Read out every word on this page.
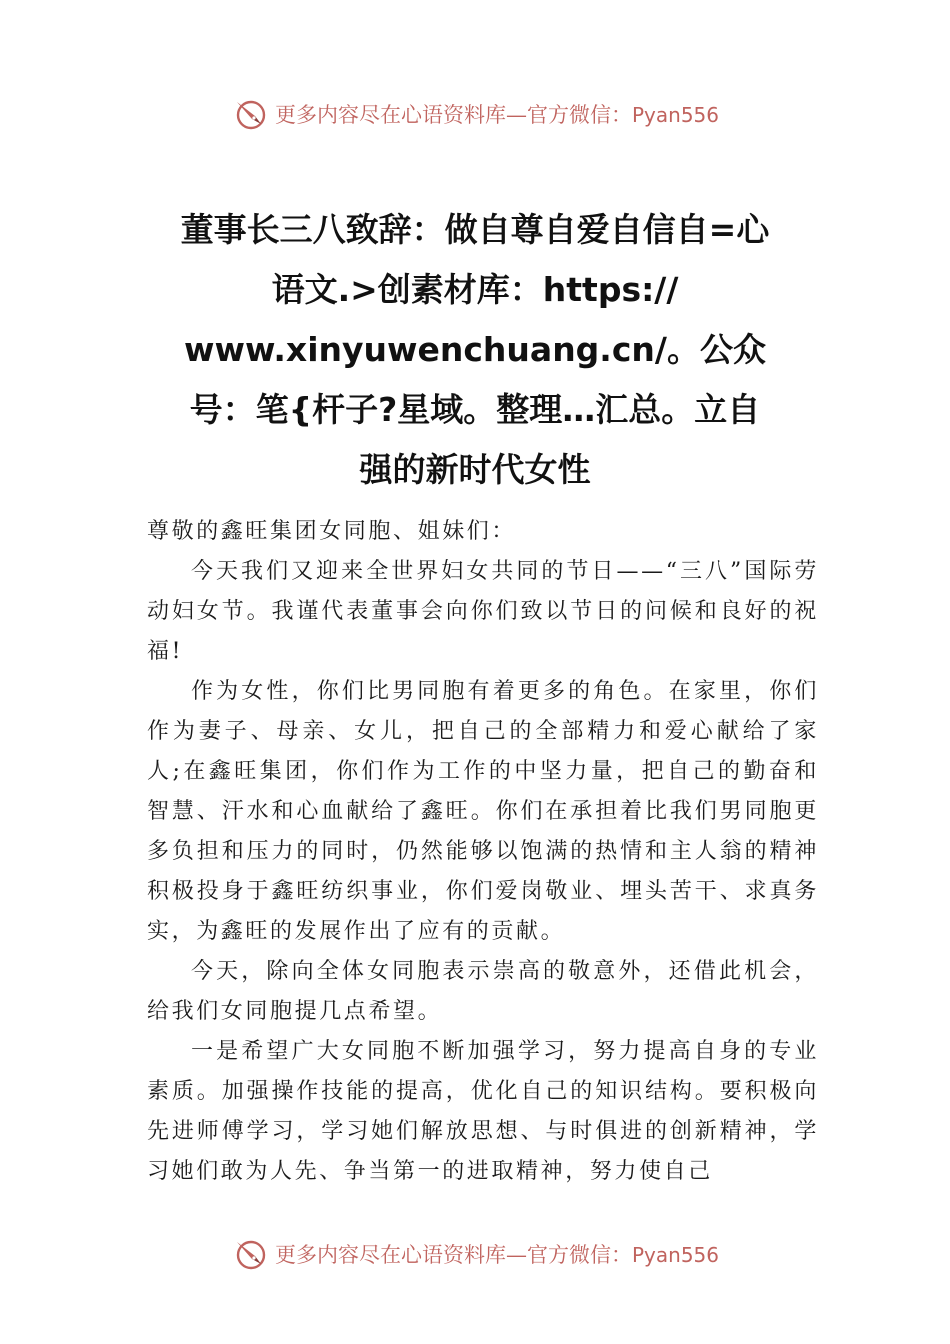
更多内容尽在心语资料库—官方微信：Pyan556
董事长三八致辞：做自尊自爱自信自=心
语文.>创素材库：https://
www.xinyuwenchuang.cn/。公众
号：笔{杆子?星域。整理…汇总。立自
强的新时代女性

尊敬的鑫旺集团女同胞、姐妹们：

今天我们又迎来全世界妇女共同的节日——“三八”国际劳动妇女节。我谨代表董事会向你们致以节日的问候和良好的祝福!

作为女性，你们比男同胞有着更多的角色。在家里，你们作为妻子、母亲、女儿，把自己的全部精力和爱心献给了家人;在鑫旺集团，你们作为工作的中坚力量，把自己的勤奋和智慧、汗水和心血献给了鑫旺。你们在承担着比我们男同胞更多负担和压力的同时，仍然能够以饱满的热情和主人翁的精神积极投身于鑫旺纺织事业，你们爱岗敬业、埋头苦干、求真务实，为鑫旺的发展作出了应有的贡献。

今天，除向全体女同胞表示崇高的敬意外，还借此机会，给我们女同胞提几点希望。

一是希望广大女同胞不断加强学习，努力提高自身的专业素质。加强操作技能的提高，优化自己的知识结构。要积极向先进师傅学习，学习她们解放思想、与时俱进的创新精神，学习她们敢为人先、争当第一的进取精神，努力使自己

更多内容尽在心语资料库—官方微信：Pyan556
